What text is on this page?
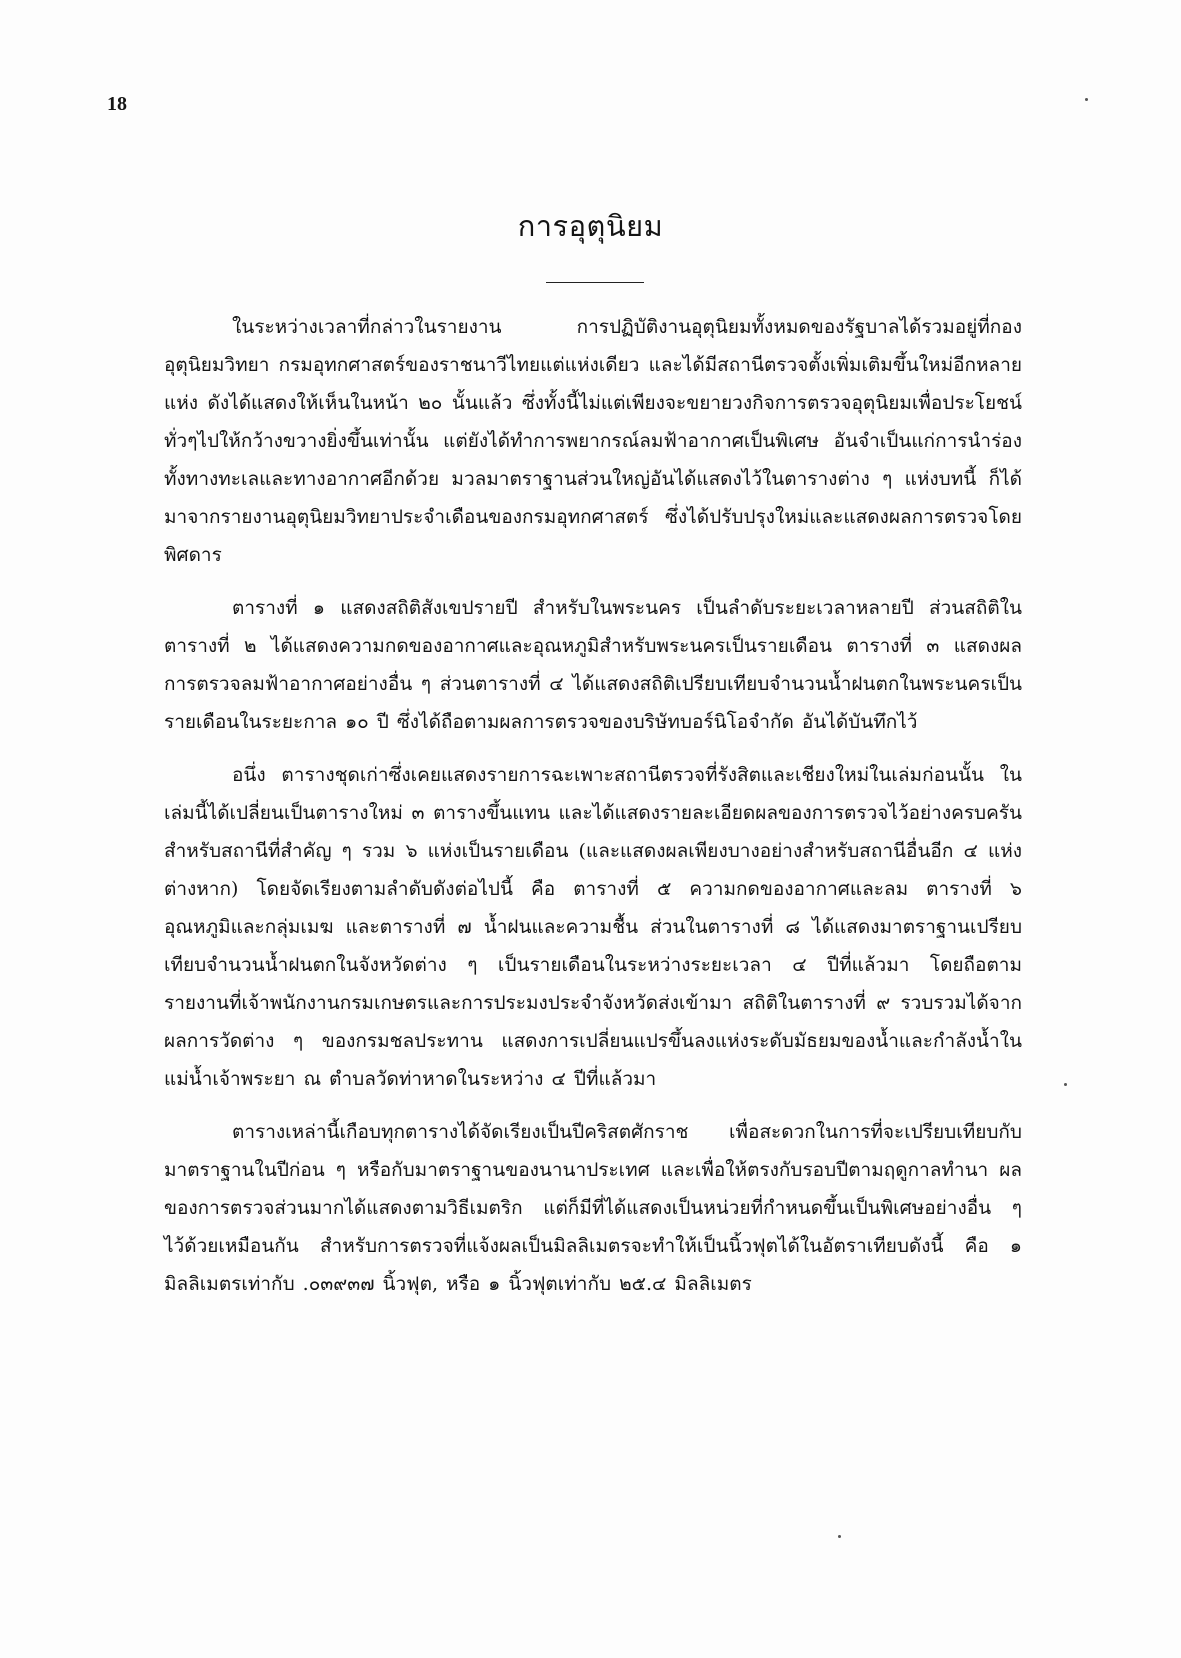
18
การอุตุนิยม

ในระหว่างเวลาที่กล่าวในรายงาน การปฏิบัติงานอุตุนิยมทั้งหมดของรัฐบาลได้รวมอยู่ที่กองอุตุนิยมวิทยา กรมอุทกศาสตร์ของราชนาวีไทยแต่แห่งเดียว และได้มีสถานีตรวจตั้งเพิ่มเติมขึ้นใหม่อีกหลายแห่ง ดังได้แสดงให้เห็นในหน้า ๒๐ นั้นแล้ว ซึ่งทั้งนี้ไม่แต่เพียงจะขยายวงกิจการตรวจอุตุนิยมเพื่อประโยชน์ทั่วๆไปให้กว้างขวางยิ่งขึ้นเท่านั้น แต่ยังได้ทำการพยากรณ์ลมฟ้าอากาศเป็นพิเศษ อันจำเป็นแก่การนำร่องทั้งทางทะเลและทางอากาศอีกด้วย มวลมาตราฐานส่วนใหญ่อันได้แสดงไว้ในตารางต่าง ๆ แห่งบทนี้ ก็ได้มาจากรายงานอุตุนิยมวิทยาประจำเดือนของกรมอุทกศาสตร์ ซึ่งได้ปรับปรุงใหม่และแสดงผลการตรวจโดยพิศดาร

ตารางที่ ๑ แสดงสถิติสังเขปรายปี สำหรับในพระนคร เป็นลำดับระยะเวลาหลายปี ส่วนสถิติในตารางที่ ๒ ได้แสดงความกดของอากาศและอุณหภูมิสำหรับพระนครเป็นรายเดือน ตารางที่ ๓ แสดงผลการตรวจลมฟ้าอากาศอย่างอื่น ๆ ส่วนตารางที่ ๔ ได้แสดงสถิติเปรียบเทียบจำนวนน้ำฝนตกในพระนครเป็นรายเดือนในระยะกาล ๑๐ ปี ซึ่งได้ถือตามผลการตรวจของบริษัทบอร์นิโอจำกัด อันได้บันทึกไว้

อนึ่ง ตารางชุดเก่าซึ่งเคยแสดงรายการฉะเพาะสถานีตรวจที่รังสิตและเชียงใหม่ในเล่มก่อนนั้น ในเล่มนี้ได้เปลี่ยนเป็นตารางใหม่ ๓ ตารางขึ้นแทน และได้แสดงรายละเอียดผลของการตรวจไว้อย่างครบครัน สำหรับสถานีที่สำคัญ ๆ รวม ๖ แห่งเป็นรายเดือน (และแสดงผลเพียงบางอย่างสำหรับสถานีอื่นอีก ๔ แห่งต่างหาก) โดยจัดเรียงตามลำดับดังต่อไปนี้ คือ ตารางที่ ๕ ความกดของอากาศและลม ตารางที่ ๖ อุณหภูมิและกลุ่มเมฆ และตารางที่ ๗ น้ำฝนและความชื้น ส่วนในตารางที่ ๘ ได้แสดงมาตราฐานเปรียบเทียบจำนวนน้ำฝนตกในจังหวัดต่าง ๆ เป็นรายเดือนในระหว่างระยะเวลา ๔ ปีที่แล้วมา โดยถือตามรายงานที่เจ้าพนักงานกรมเกษตรและการประมงประจำจังหวัดส่งเข้ามา สถิติในตารางที่ ๙ รวบรวมได้จากผลการวัดต่าง ๆ ของกรมชลประทาน แสดงการเปลี่ยนแปรขึ้นลงแห่งระดับมัธยมของน้ำและกำลังน้ำในแม่น้ำเจ้าพระยา ณ ตำบลวัดท่าหาดในระหว่าง ๔ ปีที่แล้วมา

ตารางเหล่านี้เกือบทุกตารางได้จัดเรียงเป็นปีคริสตศักราช เพื่อสะดวกในการที่จะเปรียบเทียบกับมาตราฐานในปีก่อน ๆ หรือกับมาตราฐานของนานาประเทศ และเพื่อให้ตรงกับรอบปีตามฤดูกาลทำนา ผลของการตรวจส่วนมากได้แสดงตามวิธีเมตริก แต่ก็มีที่ได้แสดงเป็นหน่วยที่กำหนดขึ้นเป็นพิเศษอย่างอื่น ๆ ไว้ด้วยเหมือนกัน สำหรับการตรวจที่แจ้งผลเป็นมิลลิเมตรจะทำให้เป็นนิ้วฟุตได้ในอัตราเทียบดังนี้ คือ ๑ มิลลิเมตรเท่ากับ .๐๓๙๓๗ นิ้วฟุต, หรือ ๑ นิ้วฟุตเท่ากับ ๒๕.๔ มิลลิเมตร
